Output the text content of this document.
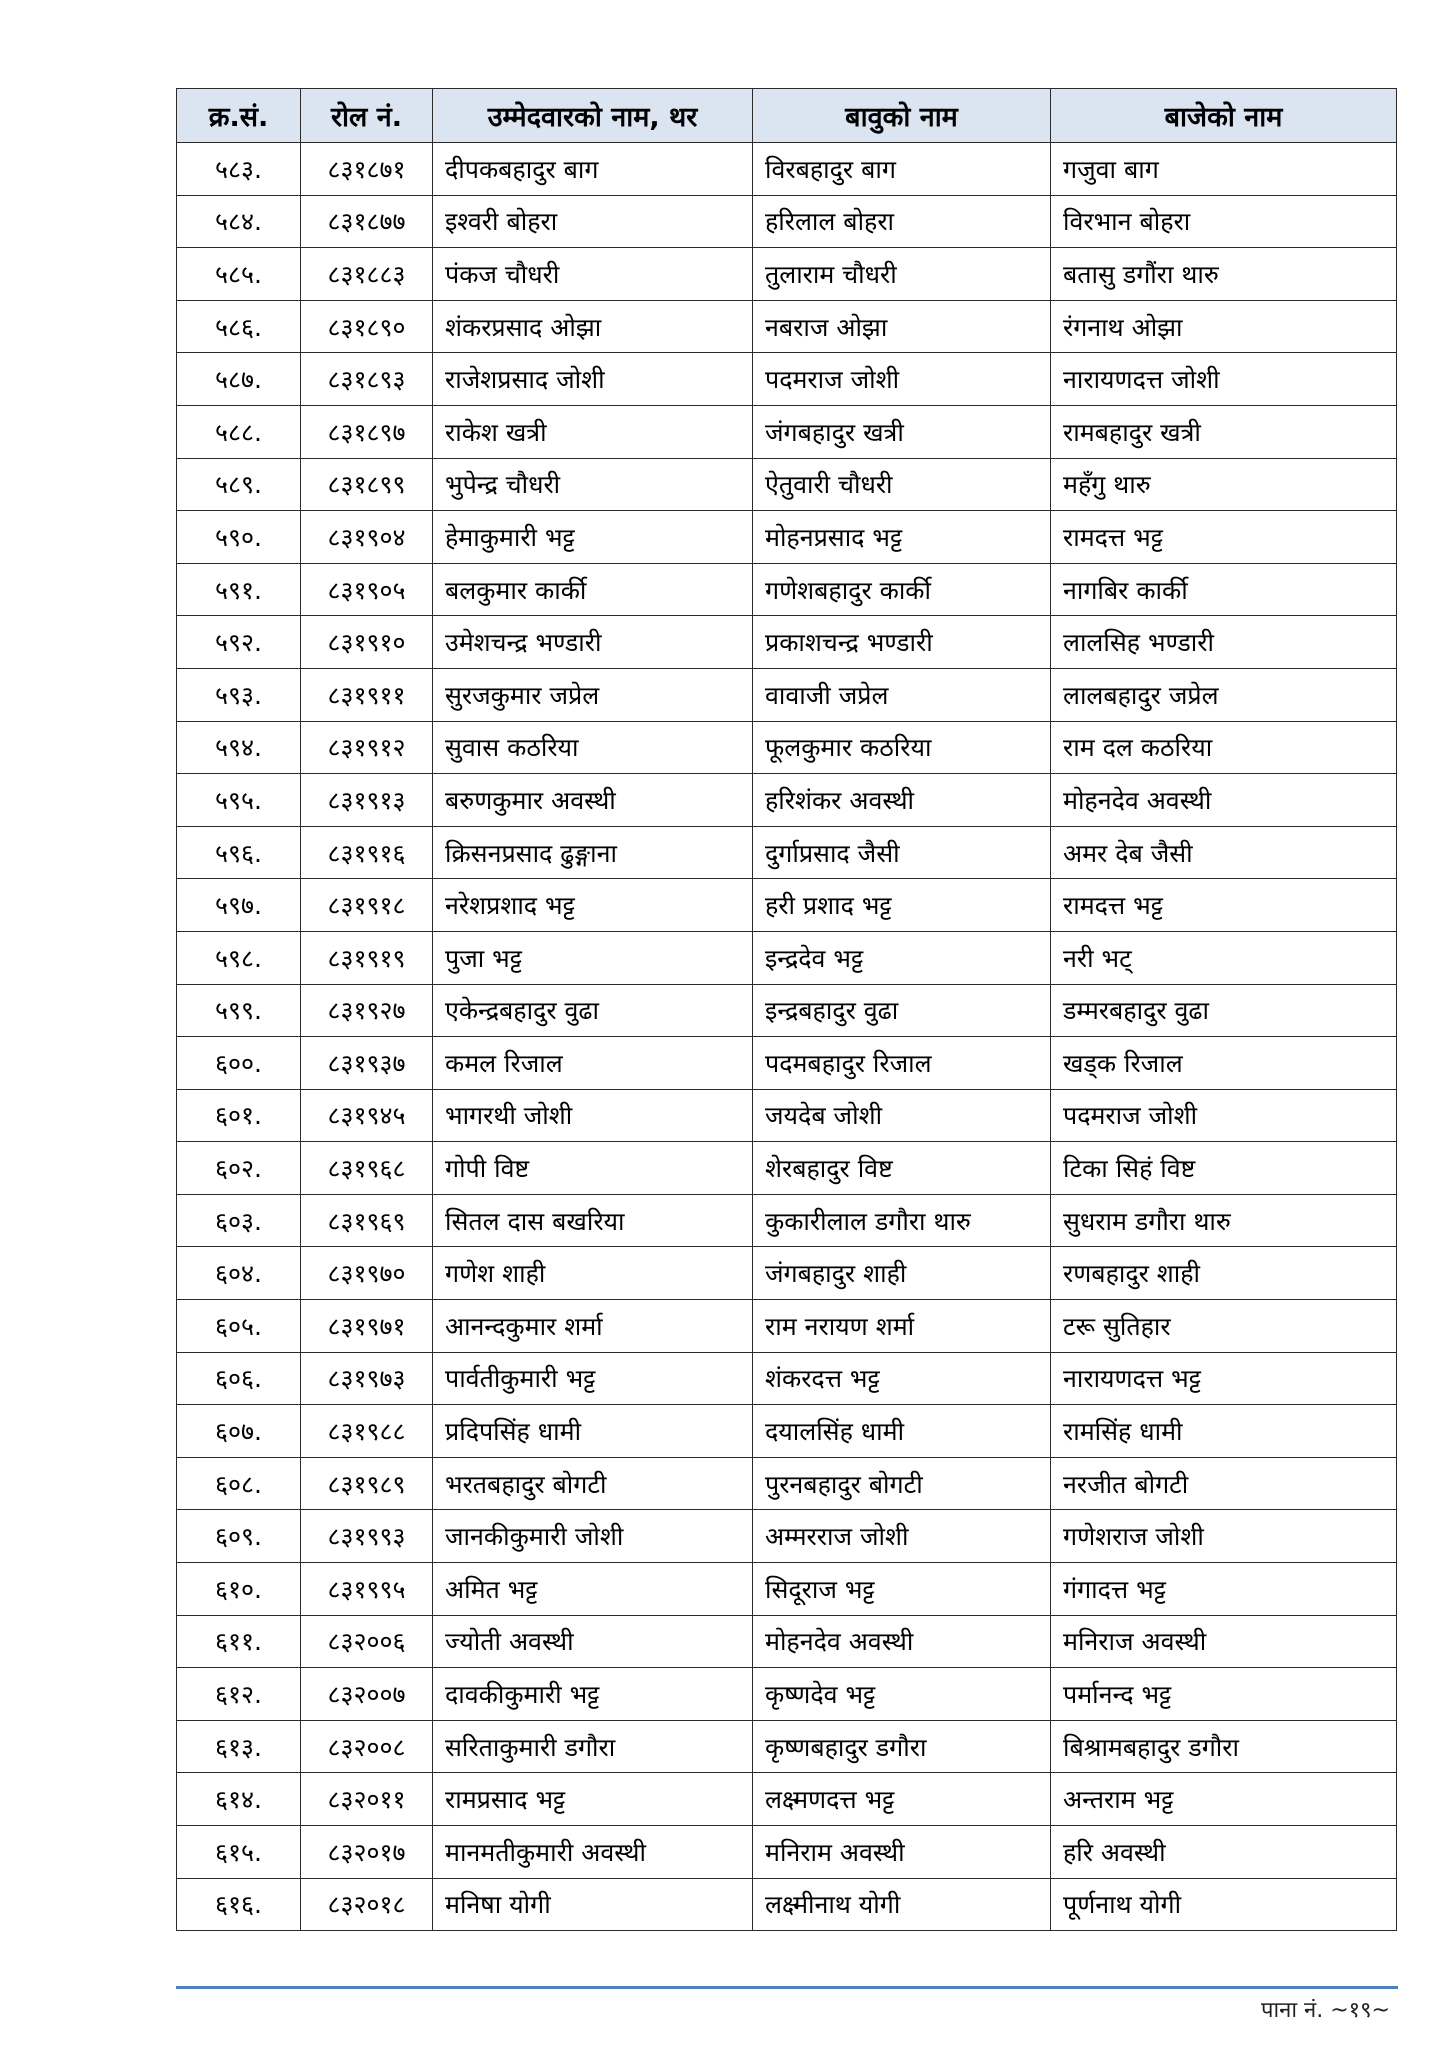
क्र.सं.	रोल नं.	उम्मेदवारको नाम, थर	बावुको नाम	बाजेको नाम
५८३.	८३१८७१	दीपकबहादुर बाग	विरबहादुर बाग	गजुवा बाग
५८४.	८३१८७७	इश्वरी बोहरा	हरिलाल बोहरा	विरभान बोहरा
५८५.	८३१८८३	पंकज चौधरी	तुलाराम चौधरी	बतासु डगौंरा थारु
५८६.	८३१८९०	शंकरप्रसाद ओझा	नबराज ओझा	रंगनाथ ओझा
५८७.	८३१८९३	राजेशप्रसाद जोशी	पदमराज जोशी	नारायणदत्त जोशी
५८८.	८३१८९७	राकेश खत्री	जंगबहादुर खत्री	रामबहादुर खत्री
५८९.	८३१८९९	भुपेन्द्र चौधरी	ऐतुवारी चौधरी	महँगु थारु
५९०.	८३१९०४	हेमाकुमारी भट्ट	मोहनप्रसाद भट्ट	रामदत्त भट्ट
५९१.	८३१९०५	बलकुमार कार्की	गणेशबहादुर कार्की	नागबिर कार्की
५९२.	८३१९१०	उमेशचन्द्र भण्डारी	प्रकाशचन्द्र भण्डारी	लालसिह भण्डारी
५९३.	८३१९११	सुरजकुमार जप्रेल	वावाजी जप्रेल	लालबहादुर जप्रेल
५९४.	८३१९१२	सुवास कठरिया	फूलकुमार कठरिया	राम दल कठरिया
५९५.	८३१९१३	बरुणकुमार अवस्थी	हरिशंकर अवस्थी	मोहनदेव अवस्थी
५९६.	८३१९१६	क्रिसनप्रसाद ढुङ्गाना	दुर्गाप्रसाद जैसी	अमर देब जैसी
५९७.	८३१९१८	नरेशप्रशाद भट्ट	हरी प्रशाद भट्ट	रामदत्त भट्ट
५९८.	८३१९१९	पुजा भट्ट	इन्द्रदेव भट्ट	नरी भट्
५९९.	८३१९२७	एकेन्द्रबहादुर वुढा	इन्द्रबहादुर वुढा	डम्मरबहादुर वुढा
६००.	८३१९३७	कमल रिजाल	पदमबहादुर रिजाल	खड्क रिजाल
६०१.	८३१९४५	भागरथी जोशी	जयदेब जोशी	पदमराज जोशी
६०२.	८३१९६८	गोपी विष्ट	शेरबहादुर विष्ट	टिका सिहं विष्ट
६०३.	८३१९६९	सितल दास बखरिया	कुकारीलाल डगौरा थारु	सुधराम डगौरा थारु
६०४.	८३१९७०	गणेश शाही	जंगबहादुर शाही	रणबहादुर शाही
६०५.	८३१९७१	आनन्दकुमार शर्मा	राम नरायण शर्मा	टरू सुतिहार
६०६.	८३१९७३	पार्वतीकुमारी भट्ट	शंकरदत्त भट्ट	नारायणदत्त भट्ट
६०७.	८३१९८८	प्रदिपसिंह धामी	दयालसिंह धामी	रामसिंह धामी
६०८.	८३१९८९	भरतबहादुर बोगटी	पुरनबहादुर बोगटी	नरजीत बोगटी
६०९.	८३१९९३	जानकीकुमारी जोशी	अम्मरराज जोशी	गणेशराज जोशी
६१०.	८३१९९५	अमित भट्ट	सिदूराज भट्ट	गंगादत्त भट्ट
६११.	८३२००६	ज्योती अवस्थी	मोहनदेव अवस्थी	मनिराज अवस्थी
६१२.	८३२००७	दावकीकुमारी भट्ट	कृष्णदेव भट्ट	पर्मानन्द भट्ट
६१३.	८३२००८	सरिताकुमारी डगौरा	कृष्णबहादुर डगौरा	बिश्रामबहादुर डगौरा
६१४.	८३२०११	रामप्रसाद भट्ट	लक्ष्मणदत्त भट्ट	अन्तराम भट्ट
६१५.	८३२०१७	मानमतीकुमारी अवस्थी	मनिराम अवस्थी	हरि अवस्थी
६१६.	८३२०१८	मनिषा योगी	लक्ष्मीनाथ योगी	पूर्णनाथ योगी
पाना नं. ~१९~
